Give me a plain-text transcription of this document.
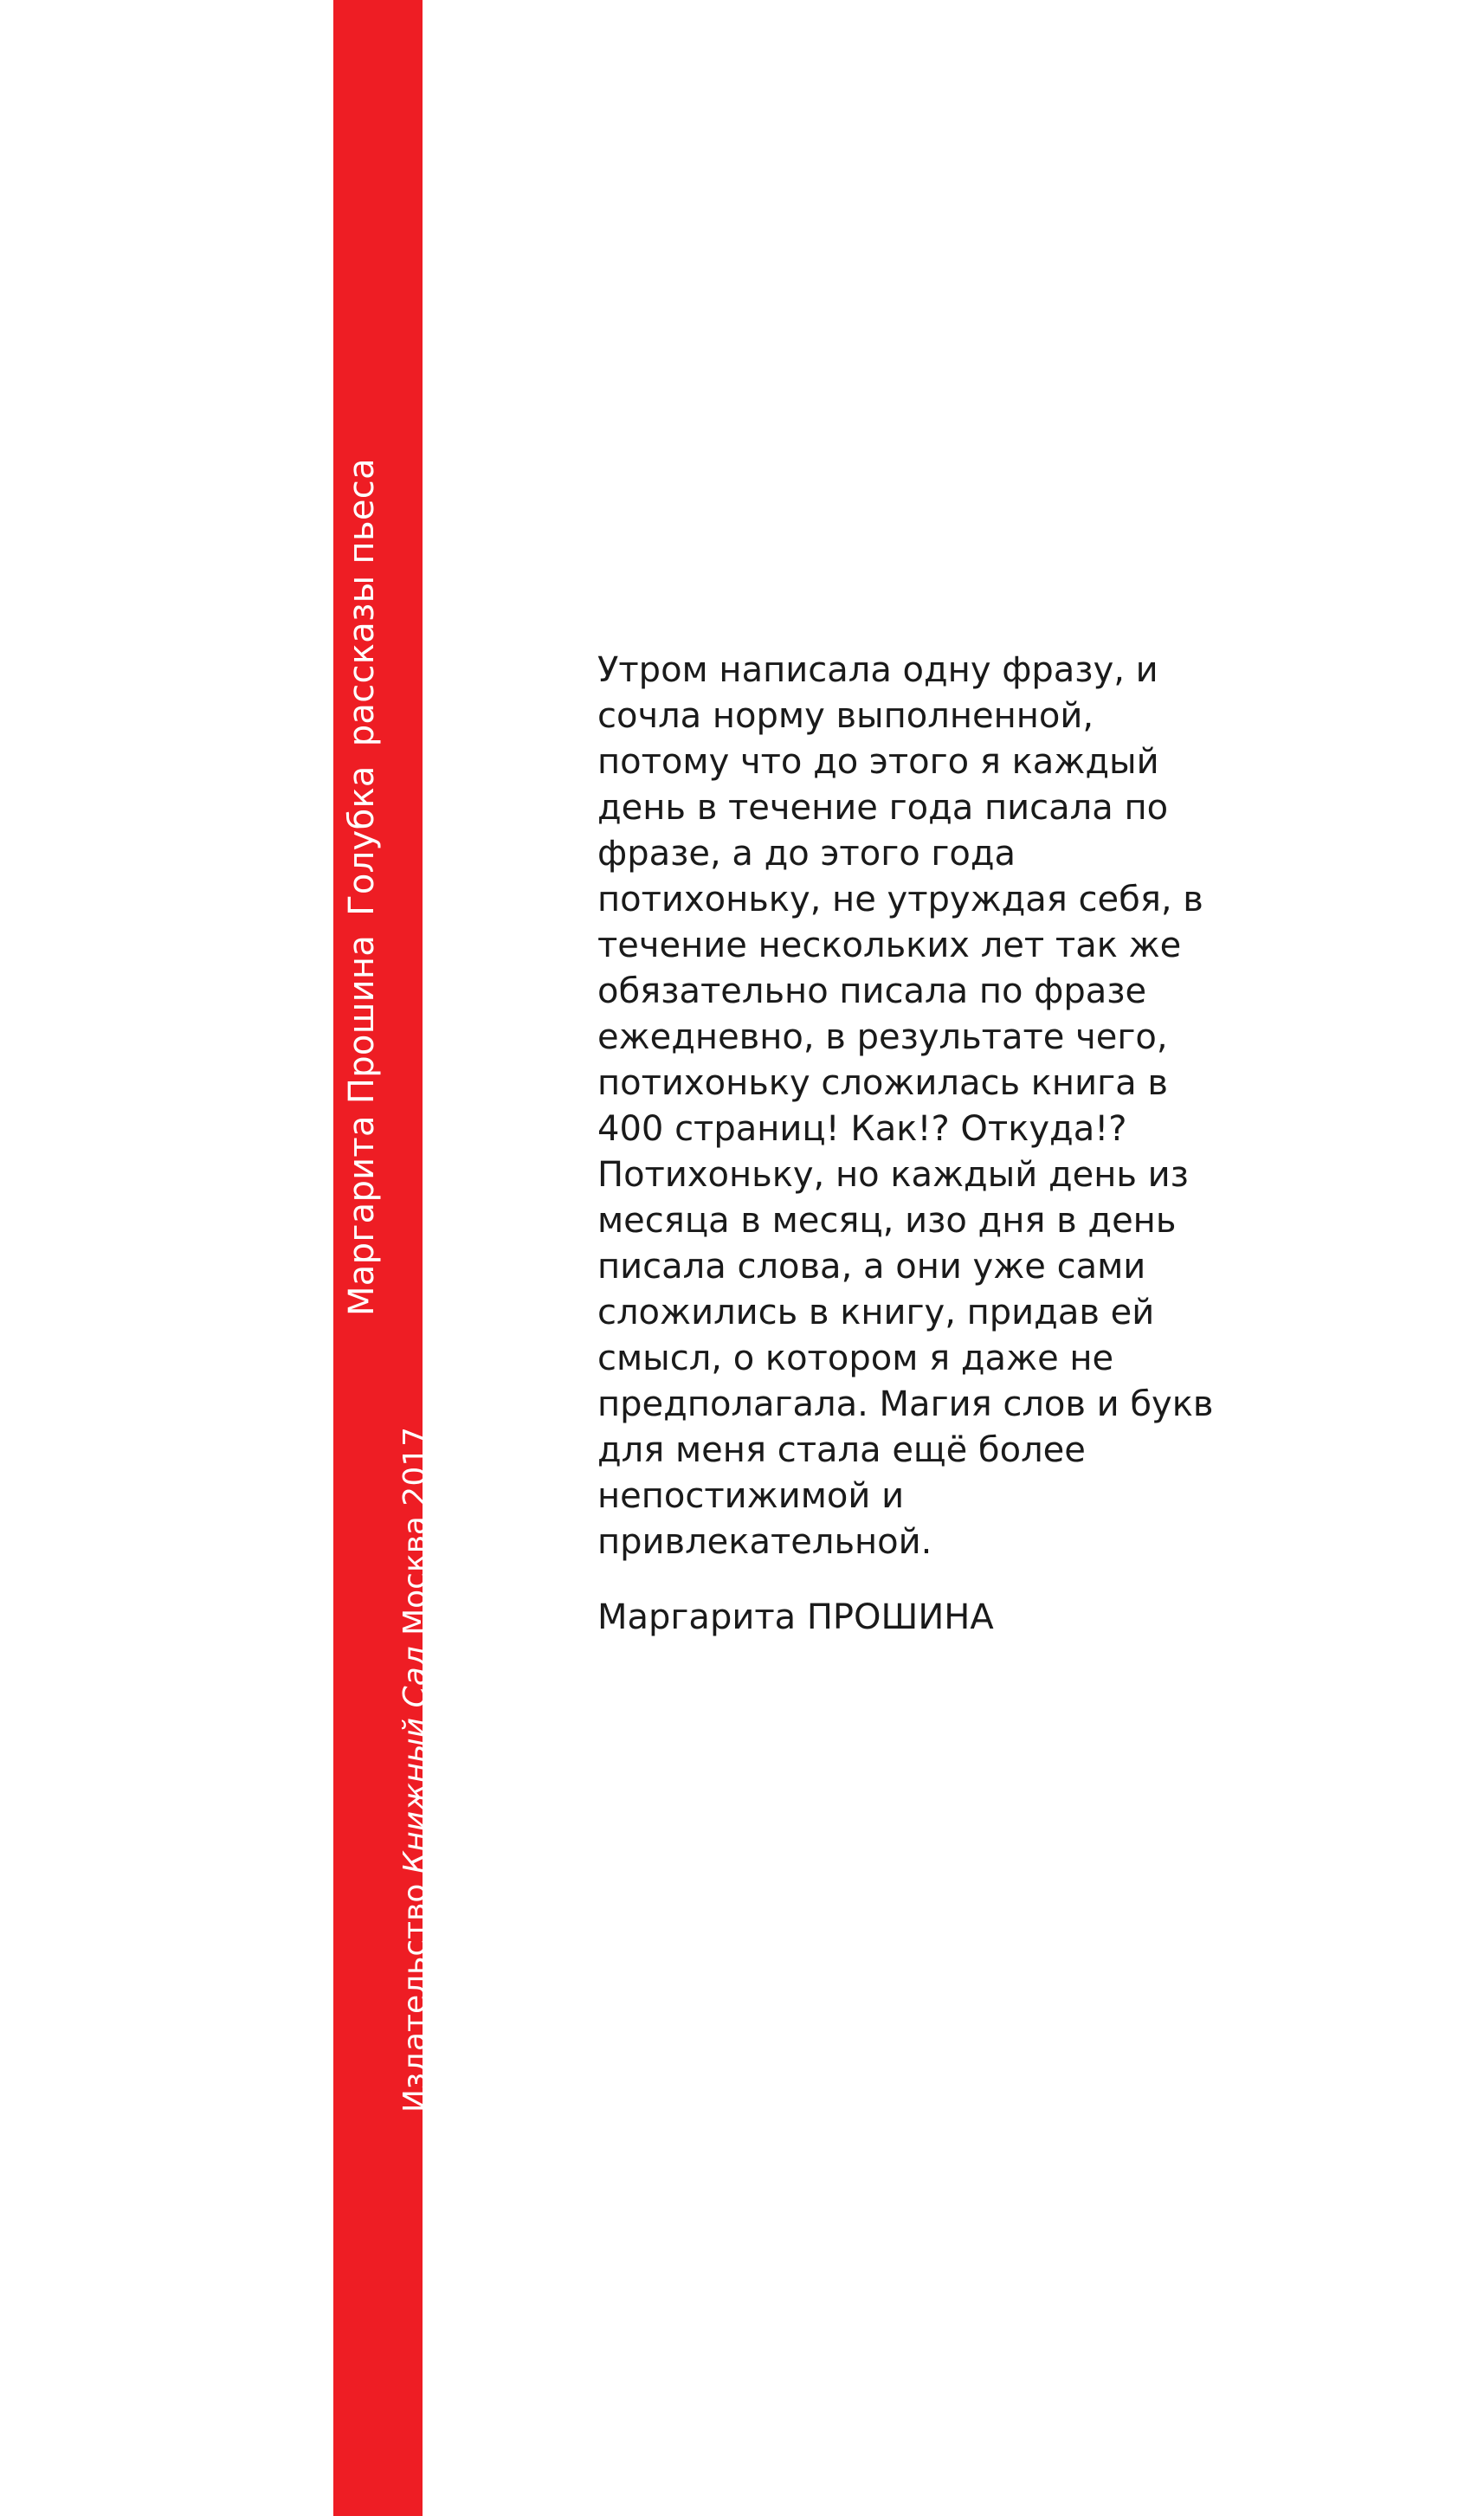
Маргарита ПрошинаГолубкарассказы пьеса
Издательство Книжный Сад Москва 2017
Утром написала одну фразу, и
сочла норму выполненной,
потому что до этого я каждый
день в течение года писала по
фразе, а до этого года
потихоньку, не утруждая себя, в
течение нескольких лет так же
обязательно писала по фразе
ежедневно, в результате чего,
потихоньку сложилась книга в
400 страниц! Как!? Откуда!?
Потихоньку, но каждый день из
месяца в месяц, изо дня в день
писала слова, а они уже сами
сложились в книгу, придав ей
смысл, о котором я даже не
предполагала. Магия слов и букв
для меня стала ещё более
непостижимой и
привлекательной.
Маргарита ПРОШИНА
